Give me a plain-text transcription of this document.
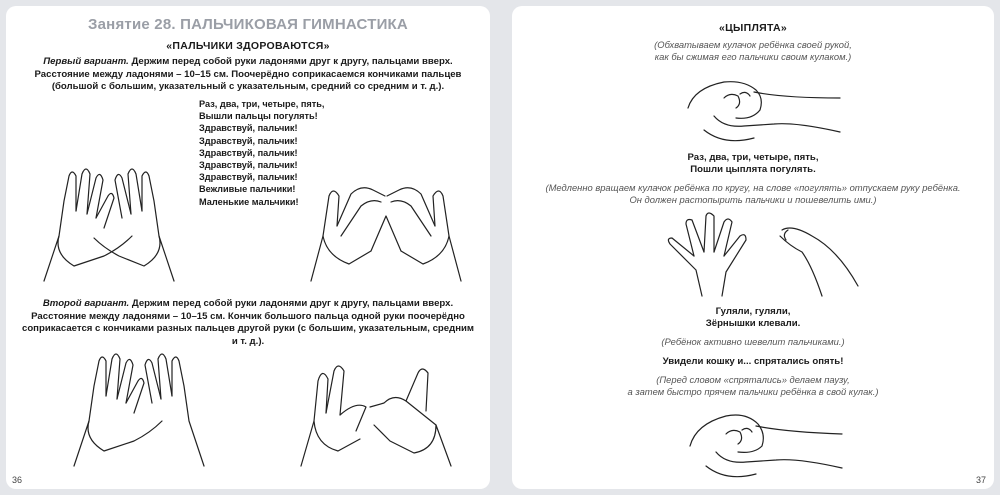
Занятие 28. ПАЛЬЧИКОВАЯ ГИМНАСТИКА
«ПАЛЬЧИКИ ЗДОРОВАЮТСЯ»
Первый вариант. Держим перед собой руки ладонями друг к другу, пальцами вверх. Расстояние между ладонями – 10–15 см. Поочерёдно соприкасаемся кончиками пальцев (большой с большим, указательный с указательным, средний со средним и т. д.).
Раз, два, три, четыре, пять,
Вышли пальцы погулять!
Здравствуй, пальчик!
Здравствуй, пальчик!
Здравствуй, пальчик!
Здравствуй, пальчик!
Здравствуй, пальчик!
Вежливые пальчики!
Маленькие мальчики!
Второй вариант. Держим перед собой руки ладонями друг к другу, пальцами вверх. Расстояние между ладонями – 10–15 см. Кончик большого пальца одной руки поочерёдно соприкасается с кончиками разных пальцев другой руки (с большим, указательным, средним и т. д.).
36
«ЦЫПЛЯТА»
(Обхватываем кулачок ребёнка своей рукой,
как бы сжимая его пальчики своим кулаком.)
Раз, два, три, четыре, пять,
Пошли цыплята погулять.
(Медленно вращаем кулачок ребёнка по кругу, на слове «погулять» отпускаем руку ребёнка.
Он должен растопырить пальчики и пошевелить ими.)
Гуляли, гуляли,
Зёрнышки клевали.
(Ребёнок активно шевелит пальчиками.)
Увидели кошку и... спрятались опять!
(Перед словом «спрятались» делаем паузу,
а затем быстро прячем пальчики ребёнка в свой кулак.)
37
